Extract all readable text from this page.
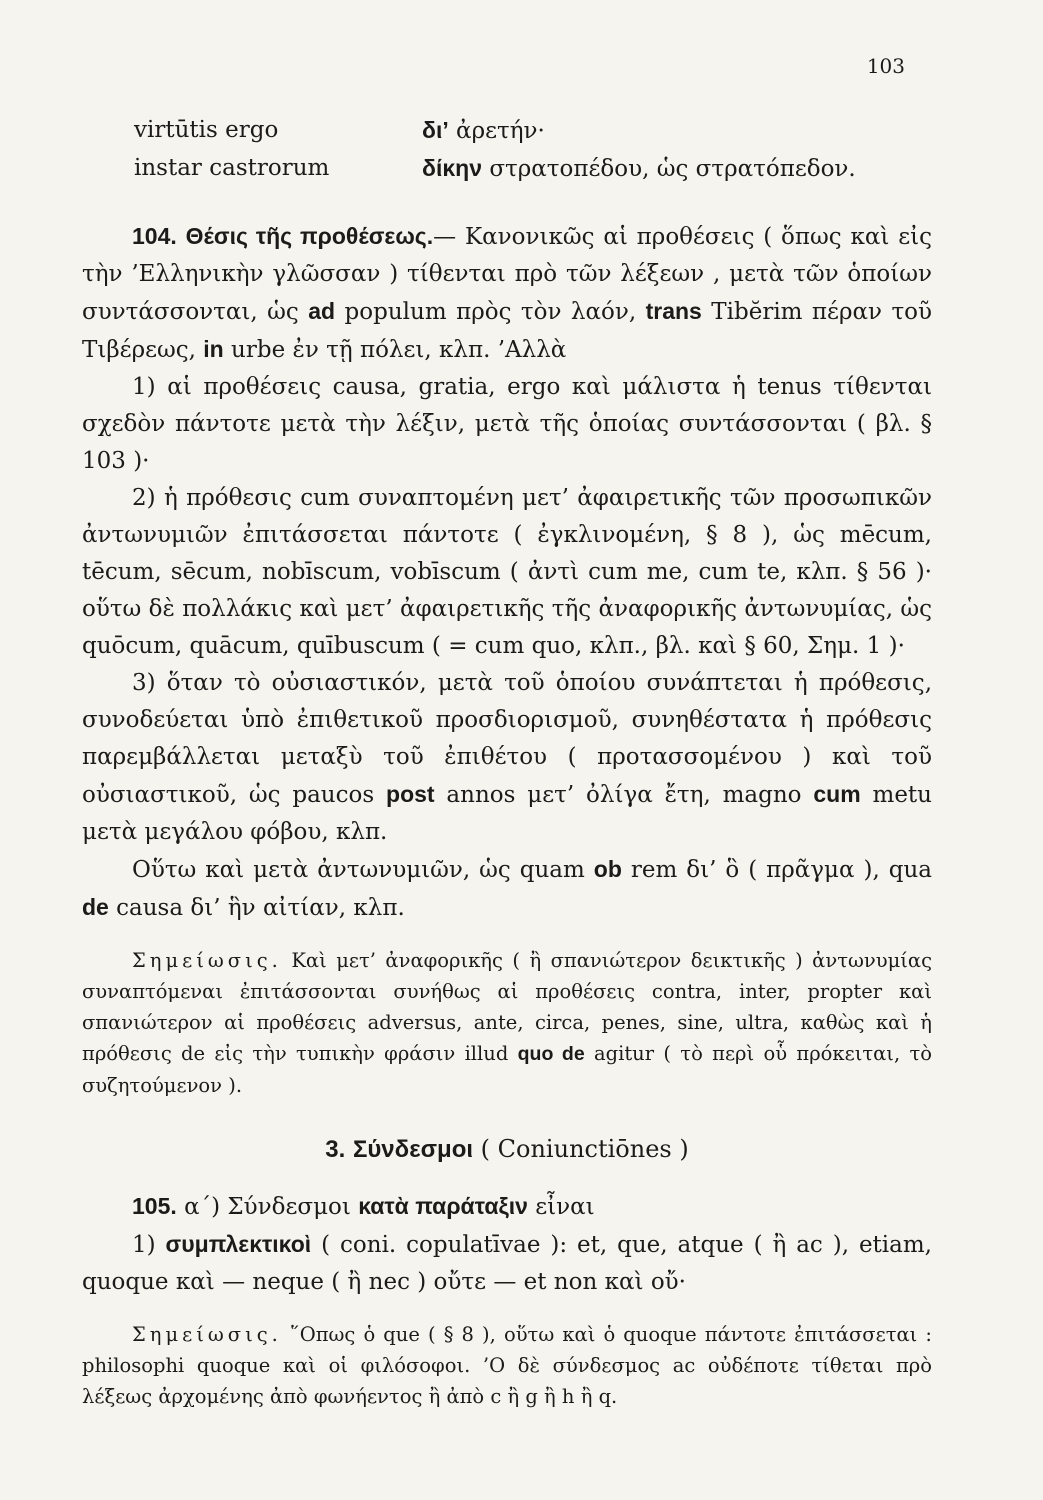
103
virtūtis ergo	δι’ ἀρετήν·
instar castrorum	δίκην στρατοπέδου, ὡς στρατόπεδον.

104. Θέσις τῆς προθέσεως.— Κανονικῶς αἱ προθέσεις ( ὅπως καὶ εἰς τὴν ’Ελληνικὴν γλῶσσαν ) τίθενται πρὸ τῶν λέξεων , μετὰ τῶν ὁποίων συντάσσονται, ὡς ad populum πρὸς τὸν λαόν, trans Tibĕrim πέραν τοῦ Τιβέρεως, in urbe ἐν τῇ πόλει, κλπ. ’Αλλὰ

1) αἱ προθέσεις causa, gratia, ergo καὶ μάλιστα ἡ tenus τίθενται σχεδὸν πάντοτε μετὰ τὴν λέξιν, μετὰ τῆς ὁποίας συντάσσονται ( βλ. § 103 )·

2) ἡ πρόθεσις cum συναπτομένη μετ’ ἀφαιρετικῆς τῶν προσωπικῶν ἀντωνυμιῶν ἐπιτάσσεται πάντοτε ( ἐγκλινομένη, § 8 ), ὡς mēcum, tēcum, sēcum, nobīscum, vobīscum ( ἀντὶ cum me, cum te, κλπ. § 56 )· οὕτω δὲ πολλάκις καὶ μετ’ ἀφαιρετικῆς τῆς ἀναφορικῆς ἀντωνυμίας, ὡς quōcum, quācum, quībuscum ( = cum quo, κλπ., βλ. καὶ § 60, Σημ. 1 )·

3) ὅταν τὸ οὐσιαστικόν, μετὰ τοῦ ὁποίου συνάπτεται ἡ πρόθεσις, συνοδεύεται ὑπὸ ἐπιθετικοῦ προσδιορισμοῦ, συνηθέστατα ἡ πρόθεσις παρεμβάλλεται μεταξὺ τοῦ ἐπιθέτου ( προτασσομένου ) καὶ τοῦ οὐσιαστικοῦ, ὡς paucos post annos μετ’ ὀλίγα ἔτη, magno cum metu μετὰ μεγάλου φόβου, κλπ.

Οὕτω καὶ μετὰ ἀντωνυμιῶν, ὡς quam ob rem δι’ ὃ ( πρᾶγμα ), qua de causa δι’ ἣν αἰτίαν, κλπ.

Σημείωσις. Καὶ μετ’ ἀναφορικῆς ( ἢ σπανιώτερον δεικτικῆς ) ἀντωνυμίας συναπτόμεναι ἐπιτάσσονται συνήθως αἱ προθέσεις contra, inter, propter καὶ σπανιώτερον αἱ προθέσεις adversus, ante, circa, penes, sine, ultra, καθὼς καὶ ἡ πρόθεσις de εἰς τὴν τυπικὴν φράσιν illud quo de agitur ( τὸ περὶ οὗ πρόκειται, τὸ συζητούμενον ).

3. Σύνδεσμοι ( Coniunctiōnes )

105. α΄) Σύνδεσμοι κατὰ παράταξιν εἶναι

1) συμπλεκτικοὶ ( coni. copulatīvae ): et, que, atque ( ἢ ac ), etiam, quoque καὶ — neque ( ἢ nec ) οὔτε — et non καὶ οὔ·

Σημείωσις. ῞Οπως ὁ que ( § 8 ), οὕτω καὶ ὁ quoque πάντοτε ἐπιτάσσεται : philosophi quoque καὶ οἱ φιλόσοφοι. ’Ο δὲ σύνδεσμος ac οὐδέποτε τίθεται πρὸ λέξεως ἀρχομένης ἀπὸ φωνήεντος ἢ ἀπὸ c ἢ g ἢ h ἢ q.
